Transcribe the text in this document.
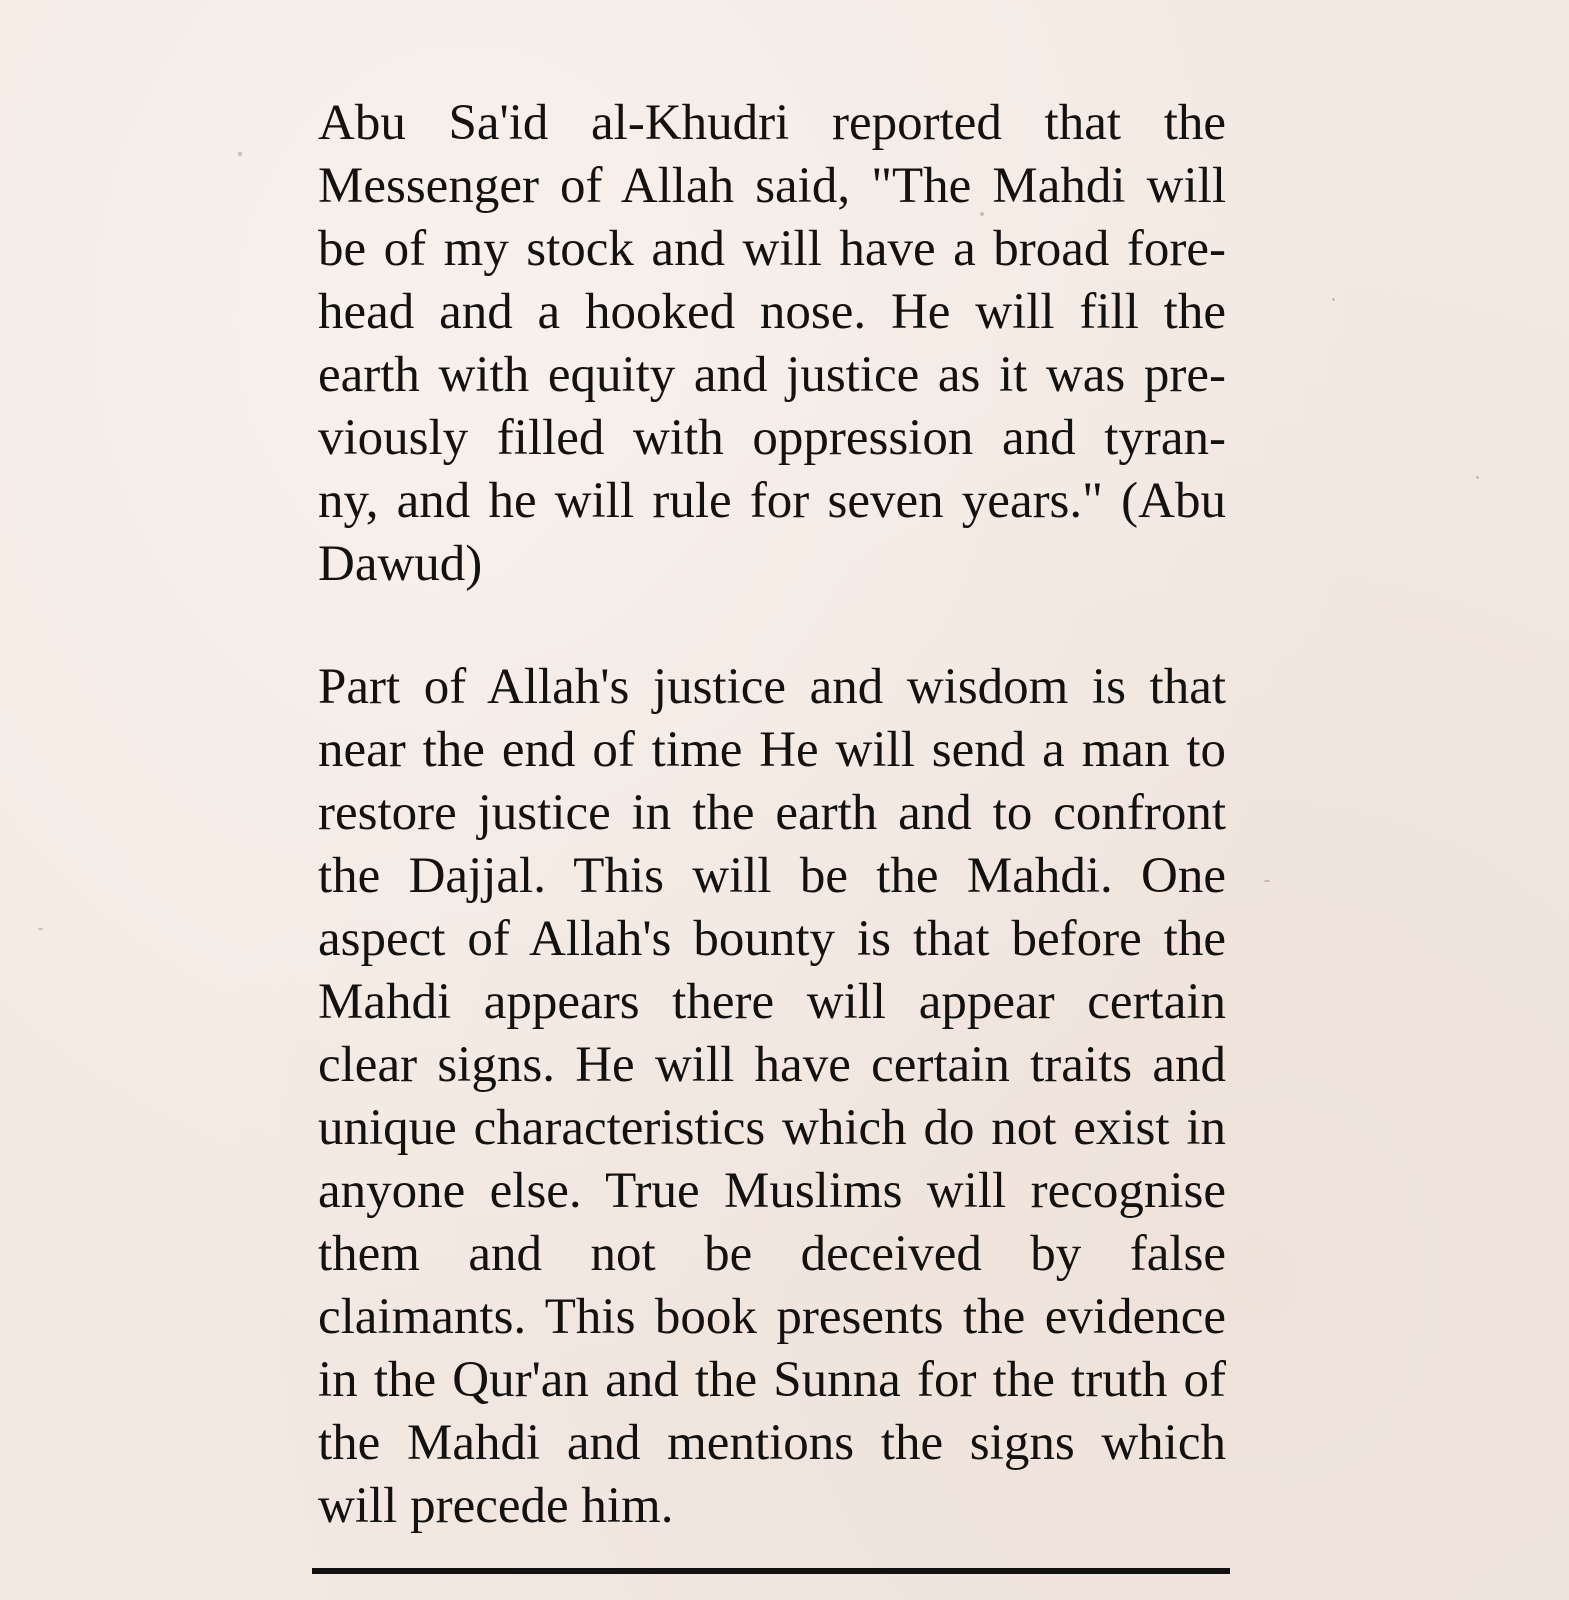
Abu Sa'id al-Khudri reported that the
Messenger of Allah said, "The Mahdi will
be of my stock and will have a broad fore-
head and a hooked nose. He will fill the
earth with equity and justice as it was pre-
viously filled with oppression and tyran-
ny, and he will rule for seven years." (Abu
Dawud)
Part of Allah's justice and wisdom is that
near the end of time He will send a man to
restore justice in the earth and to confront
the Dajjal. This will be the Mahdi. One
aspect of Allah's bounty is that before the
Mahdi appears there will appear certain
clear signs. He will have certain traits and
unique characteristics which do not exist in
anyone else. True Muslims will recognise
them and not be deceived by false
claimants. This book presents the evidence
in the Qur'an and the Sunna for the truth of
the Mahdi and mentions the signs which
will precede him.
